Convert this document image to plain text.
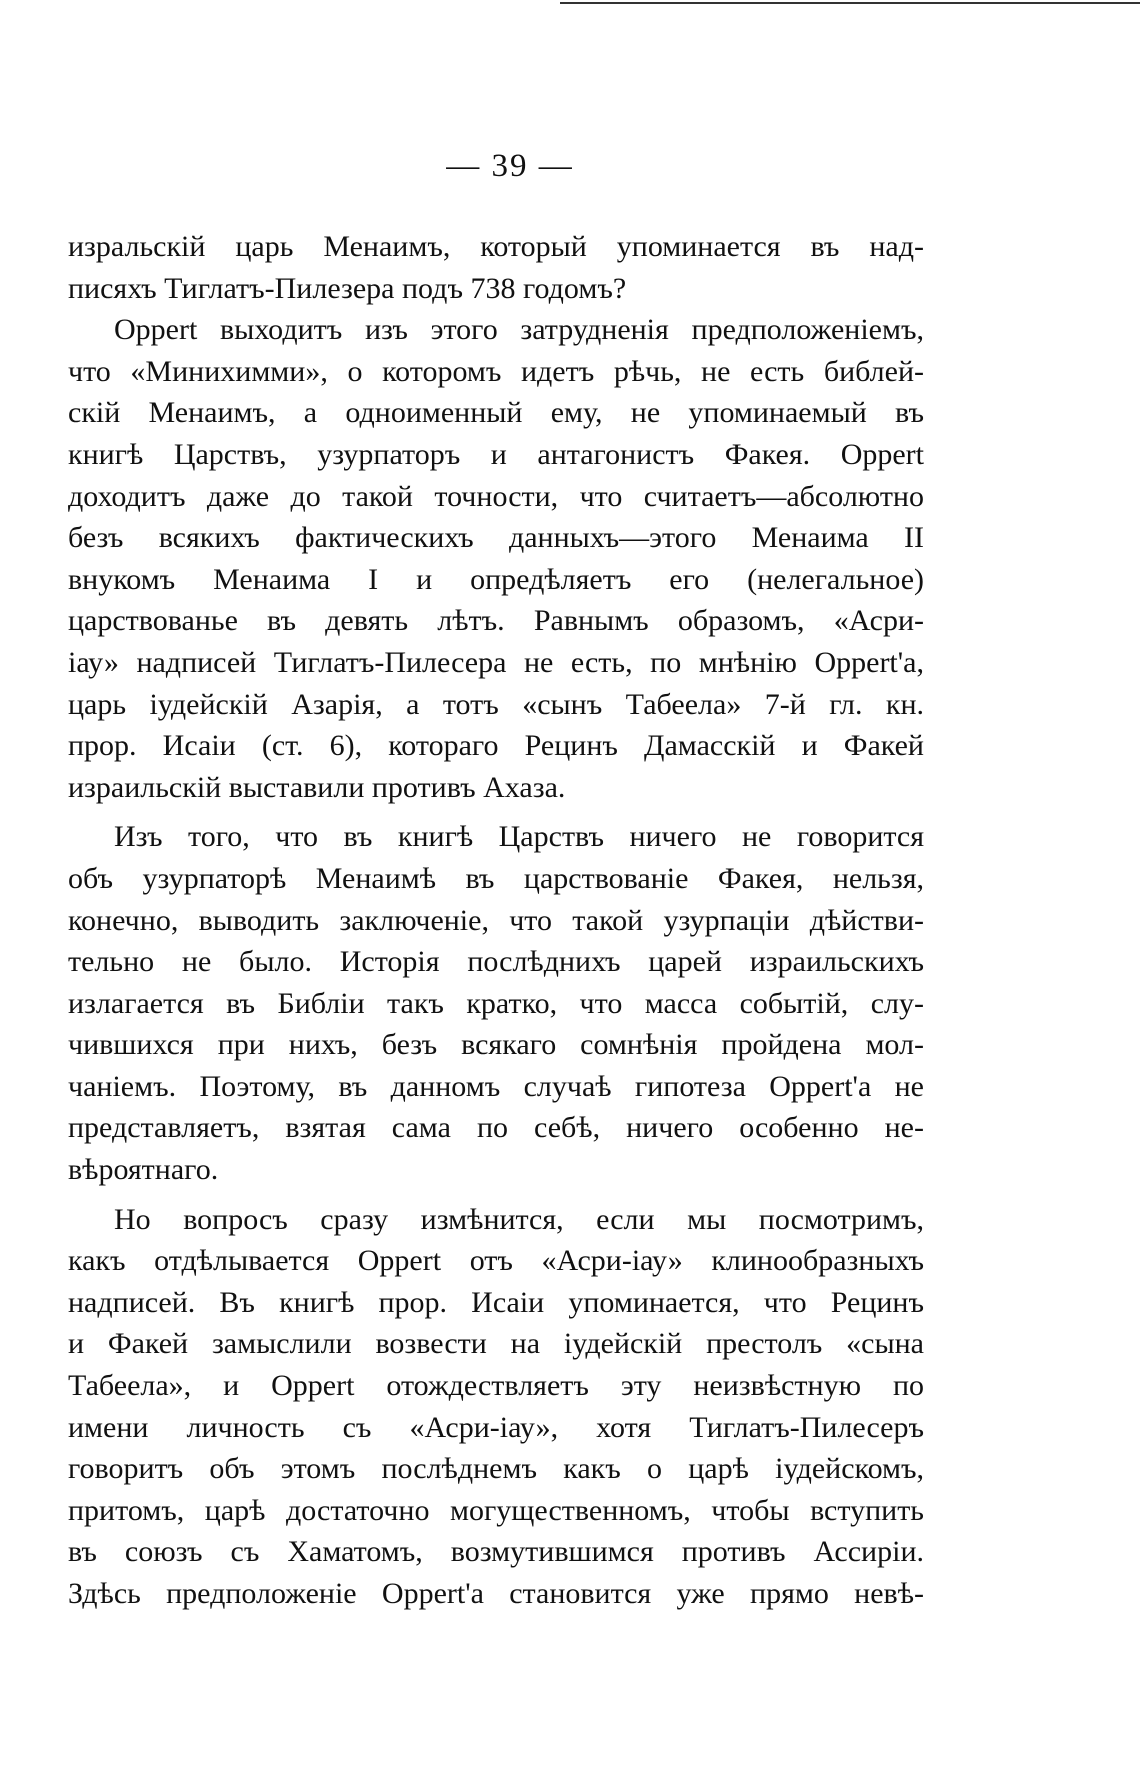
— 39 —
изральскій царь Менаимъ, который упоминается въ над-
писяхъ Тиглатъ-Пилезера подъ 738 годомъ?
Oppert выходитъ изъ этого затрудненія предположеніемъ,
что «Минихимми», о которомъ идетъ рѣчь, не есть библей-
скій Менаимъ, а одноименный ему, не упоминаемый въ
книгѣ Царствъ, узурпаторъ и антагонистъ Факея. Oppert
доходитъ даже до такой точности, что считаетъ—абсолютно
безъ всякихъ фактическихъ данныхъ—этого Менаима II
внукомъ Менаима I и опредѣляетъ его (нелегальное)
царствованье въ девять лѣтъ. Равнымъ образомъ, «Асри-
іау» надписей Тиглатъ-Пилесера не есть, по мнѣнію Oppert'а,
царь іудейскій Азарія, а тотъ «сынъ Табеела» 7-й гл. кн.
прор. Исаіи (ст. 6), котораго Рецинъ Дамасскій и Факей
израильскій выставили противъ Ахаза.
Изъ того, что въ книгѣ Царствъ ничего не говорится
объ узурпаторѣ Менаимѣ въ царствованіе Факея, нельзя,
конечно, выводить заключеніе, что такой узурпаціи дѣйстви-
тельно не было. Исторія послѣднихъ царей израильскихъ
излагается въ Библіи такъ кратко, что масса событій, слу-
чившихся при нихъ, безъ всякаго сомнѣнія пройдена мол-
чаніемъ. Поэтому, въ данномъ случаѣ гипотеза Oppert'а не
представляетъ, взятая сама по себѣ, ничего особенно не-
вѣроятнаго.
Но вопросъ сразу измѣнится, если мы посмотримъ,
какъ отдѣлывается Oppert отъ «Асри-іау» клинообразныхъ
надписей. Въ книгѣ прор. Исаіи упоминается, что Рецинъ
и Факей замыслили возвести на іудейскій престолъ «сына
Табеела», и Oppert отождествляетъ эту неизвѣстную по
имени личность съ «Асри-іау», хотя Тиглатъ-Пилесеръ
говоритъ объ этомъ послѣднемъ какъ о царѣ іудейскомъ,
притомъ, царѣ достаточно могущественномъ, чтобы вступить
въ союзъ съ Хаматомъ, возмутившимся противъ Ассиріи.
Здѣсь предположеніе Oppert'а становится уже прямо невѣ-
